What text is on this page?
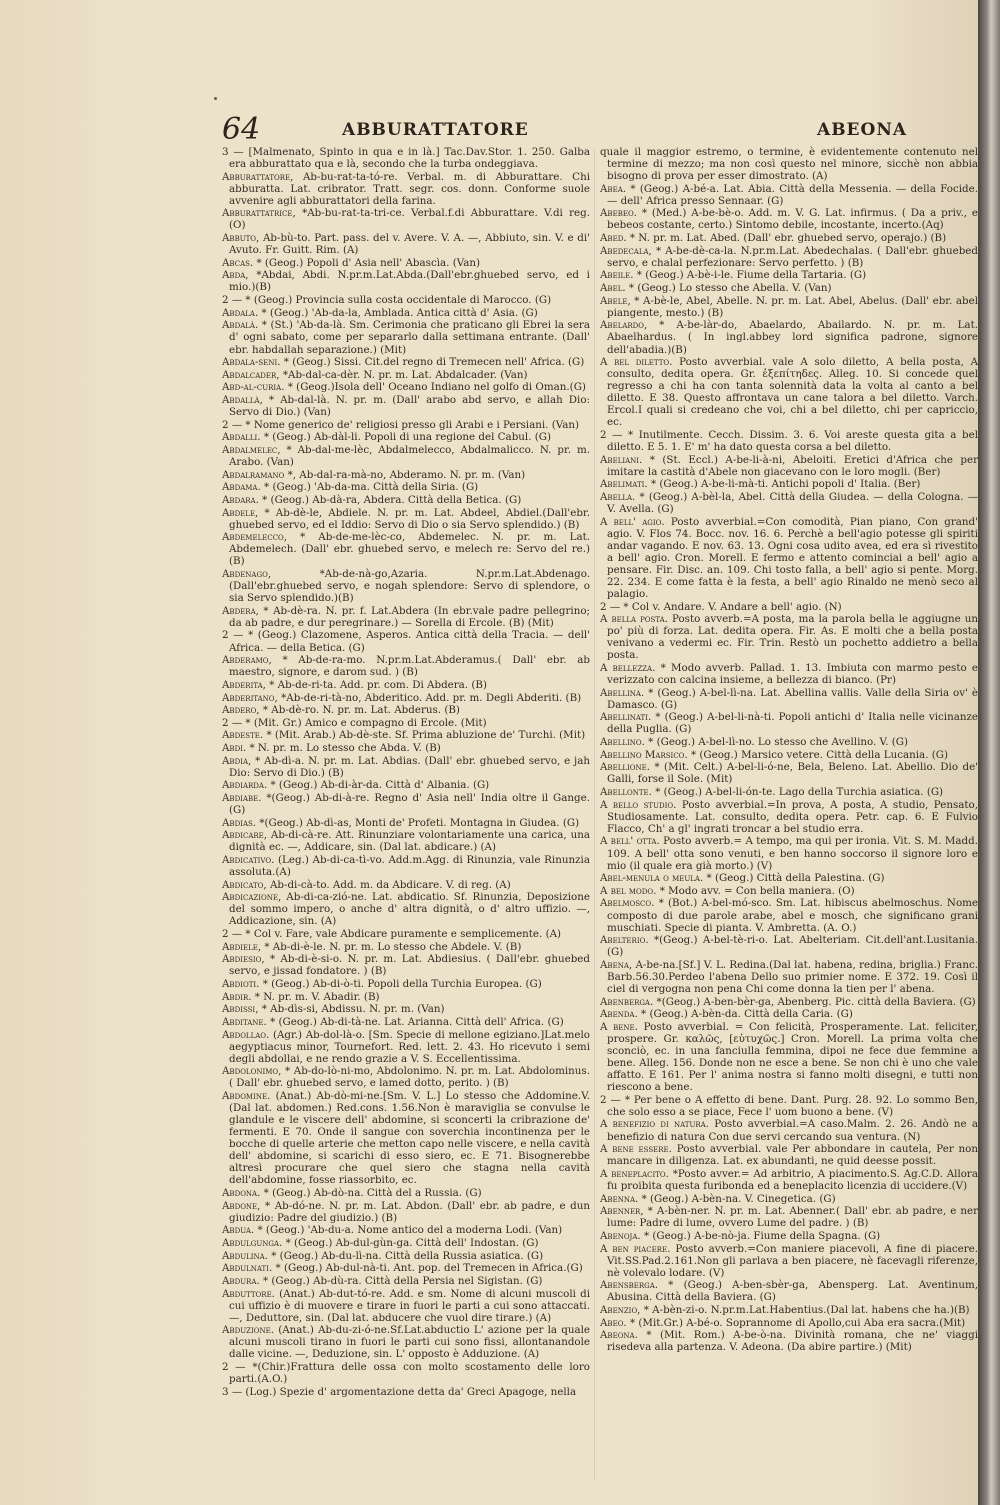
64	ABBURATTATORE	ABEONA

3 — [Malmenato, Spinto in qua e in là.] Tac.Dav.Stor. 1. 250. Galba era abburattato qua e là, secondo che la turba ondeggiava.

Abburattatore, Ab-bu-rat-ta-tó-re. Verbal. m. di Abburattare. Chi abburatta. Lat. cribrator. Tratt. segr. cos. donn. Conforme suole avvenire agli abburattatori della farina.

Abburattatrice, *Ab-bu-rat-ta-tri-ce. Verbal.f.di Abburattare. V.di reg.(O)

Abbuto, Ab-bù-to. Part. pass. del v. Avere. V. A. —, Abbiuto, sin. V. e di' Avuto. Fr. Guitt. Rim. (A)

Abcas. * (Geog.) Popoli d' Asia nell' Abascìa. (Van)

Abda, *Abdai, Abdi. N.pr.m.Lat.Abda.(Dall'ebr.ghuebed servo, ed i mio.)(B)

2 — * (Geog.) Provincia sulla costa occidentale di Marocco. (G)

Abdala. * (Geog.) 'Ab-da-la, Amblada. Antica città d' Asia. (G)

Abdalà. * (St.) 'Ab-da-là. Sm. Cerimonia che praticano gli Ebrei la sera d' ogni sabato, come per separarlo dalla settimana entrante. (Dall' ebr. habdallah separazione.) (Mit)

Abdala-seni. * (Geog.) Sissi. Cit.del regno di Tremecen nell' Africa. (G)

Abdalcader, *Ab-dal-ca-dèr. N. pr. m. Lat. Abdalcader. (Van)

Abd-al-curia. * (Geog.)Isola dell' Oceano Indiano nel golfo di Oman.(G)

Abdallà, * Ab-dal-là. N. pr. m. (Dall' arabo abd servo, e allah Dio: Servo di Dio.) (Van)

2 — * Nome generico de' religiosi presso gli Arabi e i Persiani. (Van)

Abdalli. * (Geog.) Ab-dàl-li. Popoli di una regione del Cabul. (G)

Abdalmelec, * Ab-dal-me-lèc, Abdalmelecco, Abdalmalicco. N. pr. m. Arabo. (Van)

Abdalramano *, Ab-dal-ra-mà-no, Abderamo. N. pr. m. (Van)

Abdama. * (Geog.) 'Ab-da-ma. Città della Siria. (G)

Abdara. * (Geog.) Ab-dà-ra, Abdera. Città della Betica. (G)

Abdele, * Ab-dè-le, Abdiele. N. pr. m. Lat. Abdeel, Abdiel.(Dall'ebr. ghuebed servo, ed el Iddio: Servo di Dio o sia Servo splendido.) (B)

Abdemelecco, * Ab-de-me-lèc-co, Abdemelec. N. pr. m. Lat. Abdemelech. (Dall' ebr. ghuebed servo, e melech re: Servo del re.) (B)

Abdenago,	*Ab-de-nà-go,Azaria. N.pr.m.Lat.Abdenago. (Dall'ebr.ghuebed servo, e nogah splendore: Servo di splendore, o sia Servo splendido.)(B)

Abdera, * Ab-dè-ra. N. pr. f. Lat.Abdera (In ebr.vale padre pellegrino; da ab padre, e dur peregrinare.) — Sorella di Ercole. (B) (Mit)

2 — * (Geog.) Clazomene, Asperos. Antica città della Tracia. — dell' Africa. — della Betica. (G)

Abderamo, * Ab-de-ra-mo. N.pr.m.Lat.Abderamus.( Dall' ebr. ab maestro, signore, e darom sud. ) (B)

Abderita, * Ab-de-ri-ta. Add. pr. com. Di Abdera. (B)

Abderitano, *Ab-de-ri-tà-no, Abderitico. Add. pr. m. Degli Abderiti. (B)

Abdero, * Ab-dè-ro. N. pr. m. Lat. Abderus. (B)

2 — * (Mit. Gr.) Amico e compagno di Ercole. (Mit)

Abdeste. * (Mit. Arab.) Ab-dè-ste. Sf. Prima abluzione de' Turchi. (Mit)

Abdi. * N. pr. m. Lo stesso che Abda. V. (B)

Abdia, * Ab-dì-a. N. pr. m. Lat. Abdias. (Dall' ebr. ghuebed servo, e jah Dio: Servo di Dio.) (B)

Abdiarda. * (Geog.) Ab-di-àr-da. Città d' Albania. (G)

Abdiabe. *(Geog.) Ab-di-à-re. Regno d' Asia nell' India oltre il Gange.(G)

Abdias. *(Geog.) Ab-dì-as, Monti de' Profeti. Montagna in Giudea. (G)

Abdicare, Ab-di-cà-re. Att. Rinunziare volontariamente una carica, una dignità ec. —, Addicare, sin. (Dal lat. abdicare.) (A)

Abdicativo. (Leg.) Ab-di-ca-tì-vo. Add.m.Agg. di Rinunzia, vale Rinunzia assoluta.(A)

Abdicato, Ab-di-cà-to. Add. m. da Abdicare. V. di reg. (A)

Abdicazione, Ab-di-ca-zió-ne. Lat. abdicatio. Sf. Rinunzia, Deposizione del sommo impero, o anche d' altra dignità, o d' altro uffizio. —, Addicazione, sin. (A)

2 — * Col v. Fare, vale Abdicare puramente e semplicemente. (A)

Abdiele, * Ab-di-è-le. N. pr. m. Lo stesso che Abdele. V. (B)

Abdiesio, * Ab-di-è-si-o. N. pr. m. Lat. Abdiesius. ( Dall'ebr. ghuebed servo, e jissad fondatore. ) (B)

Abdioti. * (Geog.) Ab-di-ò-ti. Popoli della Turchia Europea. (G)

Abdir. * N. pr. m. V. Abadir. (B)

Abdissi, * Ab-dìs-si, Abdissu. N. pr. m. (Van)

Abditane. * (Geog.) Ab-di-tà-ne. Lat. Arianna. Città dell' Africa. (G)

Abdollao. (Agr.) Ab-dol-là-o. [Sm. Specie di mellone egiziano.]Lat.melo aegyptiacus minor, Tournefort. Red. lett. 2. 43. Ho ricevuto i semi degli abdollai, e ne rendo grazie a V. S. Eccellentissima.

Abdolonimo, * Ab-do-lò-ni-mo, Abdolonimo. N. pr. m. Lat. Abdolominus. ( Dall' ebr. ghuebed servo, e lamed dotto, perito. ) (B)

Abdomine. (Anat.) Ab-dò-mi-ne.[Sm. V. L.] Lo stesso che Addomine.V.(Dal lat. abdomen.) Red.cons. 1.56.Non è maraviglia se convulse le glandule e le viscere dell' abdomine, si sconcerti la cribrazione de' fermenti. E 70. Onde il sangue con soverchia incontinenza per le bocche di quelle arterie che metton capo nelle viscere, e nella cavità dell' abdomine, si scarichi di esso siero, ec. E 71. Bisognerebbe altresì procurare che quel siero che stagna nella cavità dell'abdomine, fosse riassorbito, ec.

Abdona. * (Geog.) Ab-dò-na. Città del a Russia. (G)

Abdone, * Ab-dó-ne. N. pr. m. Lat. Abdon. (Dall' ebr. ab padre, e dun giudizio: Padre del giudizio.) (B)

Abdua. * (Geog.) 'Ab-du-a. Nome antico del a moderna Lodi. (Van)

Abdulgunga. * (Geog.) Ab-dul-gùn-ga. Città dell' Indostan. (G)

Abdulina. * (Geog.) Ab-du-lì-na. Città della Russia asiatica. (G)

Abdulnati. * (Geog.) Ab-dul-nà-ti. Ant. pop. del Tremecen in Africa.(G)

Abdura. * (Geog.) Ab-dù-ra. Città della Persia nel Sigistan. (G)

Abduttore. (Anat.) Ab-dut-tó-re. Add. e sm. Nome di alcuni muscoli di cui uffizio è di muovere e tirare in fuori le parti a cui sono attaccati. —, Deduttore, sin. (Dal lat. abducere che vuol dire tirare.) (A)

Abduzione. (Anat.) Ab-du-zi-ó-ne.Sf.Lat.abductio L' azione per la quale alcuni muscoli tirano in fuori le parti cui sono fissi, allontanandole dalle vicine. —, Deduzione, sin. L' opposto è Adduzione. (A)

2 — *(Chir.)Frattura delle ossa con molto scostamento delle loro parti.(A.O.)

3 — (Log.) Spezie d' argomentazione detta da' Greci Apagoge, nella

quale il maggior estremo, o termine, è evidentemente contenuto nel termine di mezzo; ma non così questo nel minore, sicchè non abbia bisogno di prova per esser dimostrato. (A)

Abea. * (Geog.) A-bé-a. Lat. Abia. Città della Messenia. — della Focide. — dell' Africa presso Sennaar. (G)

Abebeo. * (Med.) A-be-bè-o. Add. m. V. G. Lat. infirmus. ( Da a priv., e bebeos costante, certo.) Sintomo debile, incostante, incerto.(Aq)

Abed. * N. pr. m. Lat. Abed. (Dall' ebr. ghuebed servo, operajo.) (B)

Abedecala, * A-be-dè-ca-la. N.pr.m.Lat. Abedechalas. ( Dall'ebr. ghuebed servo, e chalal perfezionare: Servo perfetto. ) (B)

Abeile. * (Geog.) A-bè-i-le. Fiume della Tartaria. (G)

Abel. * (Geog.) Lo stesso che Abella. V. (Van)

Abele, * A-bè-le, Abel, Abelle. N. pr. m. Lat. Abel, Abelus. (Dall' ebr. abel piangente, mesto.) (B)

Abelardo, * A-be-làr-do, Abaelardo, Abailardo. N. pr. m. Lat. Abaelhardus. ( In ingl.abbey lord significa padrone, signore dell'abadia.)(B)

A bel diletto. Posto avverbial. vale A solo diletto, A bella posta, A consulto, dedita opera. Gr. ἐξεπίτηδες. Alleg. 10. Si concede quel regresso a chi ha con tanta solennità data la volta al canto a bel diletto. E 38. Questo affrontava un cane talora a bel diletto. Varch. Ercol.I quali si credeano che voi, chi a bel diletto, chi per capriccio, ec.

2 — * Inutilmente. Cecch. Dissim. 3. 6. Voi areste questa gita a bel diletto. E 5. 1. E' m' ha dato questa corsa a bel diletto.

Abeliani. * (St. Eccl.) A-be-li-à-ni, Abeloiti. Eretici d'Africa che per imitare la castità d'Abele non giacevano con le loro mogli. (Ber)

Abelimati. * (Geog.) A-be-li-mà-ti. Antichi popoli d' Italia. (Ber)

Abella. * (Geog.) A-bèl-la, Abel. Città della Giudea. — della Cologna. — V. Avella. (G)

A bell' agio. Posto avverbial.=Con comodità, Pian piano, Con grand' agio. V. Flos 74. Bocc. nov. 16. 6. Perchè a bell'agio potesse gli spiriti andar vagando. E nov. 63. 13. Ogni cosa udito avea, ed era sì rivestito a bell' agio. Cron. Morell. E fermo e attento cominciai a bell' agio a pensare. Fir. Disc. an. 109. Chi tosto falla, a bell' agio si pente. Morg. 22. 234. E come fatta è la festa, a bell' agio Rinaldo ne menò seco al palagio.

2 — * Col v. Andare. V. Andare a bell' agio. (N)

A bella posta. Posto avverb.=A posta, ma la parola bella le aggiugne un po' più di forza. Lat. dedita opera. Fir. As. E molti che a bella posta venivano a vedermi ec. Fir. Trin. Restò un pochetto addietro a bella posta.

A bellezza. * Modo avverb. Pallad. 1. 13. Imbiuta con marmo pesto e verizzato con calcina insieme, a bellezza di bianco. (Pr)

Abellina. * (Geog.) A-bel-lì-na. Lat. Abellina vallis. Valle della Siria ov' è Damasco. (G)

Abellinati. * (Geog.) A-bel-li-nà-ti. Popoli antichi d' Italia nelle vicinanze della Puglia. (G)

Abellino. * (Geog.) A-bel-lì-no. Lo stesso che Avellino. V. (G)

Abellino Marsico. * (Geog.) Marsico vetere. Città della Lucania. (G)

Abellione. * (Mit. Celt.) A-bel-li-ó-ne, Bela, Beleno. Lat. Abellio. Dio de' Galli, forse il Sole. (Mit)

Abellonte. * (Geog.) A-bel-li-ón-te. Lago della Turchia asiatica. (G)

A bello studio. Posto avverbial.=In prova, A posta, A studio, Pensato, Studiosamente. Lat. consulto, dedita opera. Petr. cap. 6. E Fulvio Flacco, Ch' a gl' ingrati troncar a bel studio erra.

A bell' otta. Posto avverb.= A tempo, ma qui per ironia. Vit. S. M. Madd. 109. A bell' otta sono venuti, e ben hanno soccorso il signore loro e mio (il quale era già morto.) (V)

Abel-menula o meula. * (Geog.) Città della Palestina. (G)

A bel modo. * Modo avv. = Con bella maniera. (O)

Abelmosco. * (Bot.) A-bel-mó-sco. Sm. Lat. hibiscus abelmoschus. Nome composto di due parole arabe, abel e mosch, che significano grani muschiati. Specie di pianta. V. Ambretta. (A. O.)

Abelterio. *(Geog.) A-bel-tè-ri-o. Lat. Abelteriam. Cit.dell'ant.Lusitania.(G)

Abena, A-be-na.[Sf.] V. L. Redina.(Dal lat. habena, redina, briglia.) Franc. Barb.56.30.Perdeo l'abena Dello suo primier nome. E 372. 19. Così il ciel di vergogna non pena Chi come donna la tien per l' abena.

Abenberga. *(Geog.) A-ben-bèr-ga, Abenberg. Pic. città della Baviera. (G)

Abenda. * (Geog.) A-bèn-da. Città della Caria. (G)

A bene. Posto avverbial. = Con felicità, Prosperamente. Lat. feliciter, prospere. Gr. καλῶς, [εὐτυχῶς.] Cron. Morell. La prima volta che sconciò, ec. in una fanciulla femmina, dipoi ne fece due femmine a bene. Alleg. 156. Donde non ne esce a bene. Se non chi è uno che vale affatto. E 161. Per l' anima nostra si fanno molti disegni, e tutti non riescono a bene.

2 — * Per bene o A effetto di bene. Dant. Purg. 28. 92. Lo sommo Ben, che solo esso a se piace, Fece l' uom buono a bene. (V)

A benefizio di natura. Posto avverbial.=A caso.Malm. 2. 26. Andò ne a benefizio di natura Con due servi cercando sua ventura. (N)

A bene essere. Posto avverbial. vale Per abbondare in cautela, Per non mancare in diligenza. Lat. ex abundanti, ne quid deesse possit.

A beneplacito. *Posto avver.= Ad arbitrio, A piacimento.S. Ag.C.D. Allora fu proibita questa furibonda ed a beneplacito licenzia di uccidere.(V)

Abenna. * (Geog.) A-bèn-na. V. Cinegetica. (G)

Abenner, * A-bèn-ner. N. pr. m. Lat. Abenner.( Dall' ebr. ab padre, e ner lume: Padre di lume, ovvero Lume del padre. ) (B)

Abenoja. * (Geog.) A-be-nò-ja. Fiume della Spagna. (G)

A ben piacere. Posto avverb.=Con maniere piacevoli, A fine di piacere. Vit.SS.Pad.2.161.Non gli parlava a ben piacere, nè facevagli riferenze, nè volevalo lodare. (V)

Abensberga. * (Geog.) A-ben-sbèr-ga, Abensperg. Lat. Aventinum, Abusina. Città della Baviera. (G)

Abenzio, * A-bèn-zi-o. N.pr.m.Lat.Habentius.(Dal lat. habens che ha.)(B)

Abeo. * (Mit.Gr.) A-bé-o. Soprannome di Apollo,cui Aba era sacra.(Mit)

Abeona. * (Mit. Rom.) A-be-ò-na. Divinità romana, che ne' viaggi risedeva alla partenza. V. Adeona. (Da abire partire.) (Mit)
